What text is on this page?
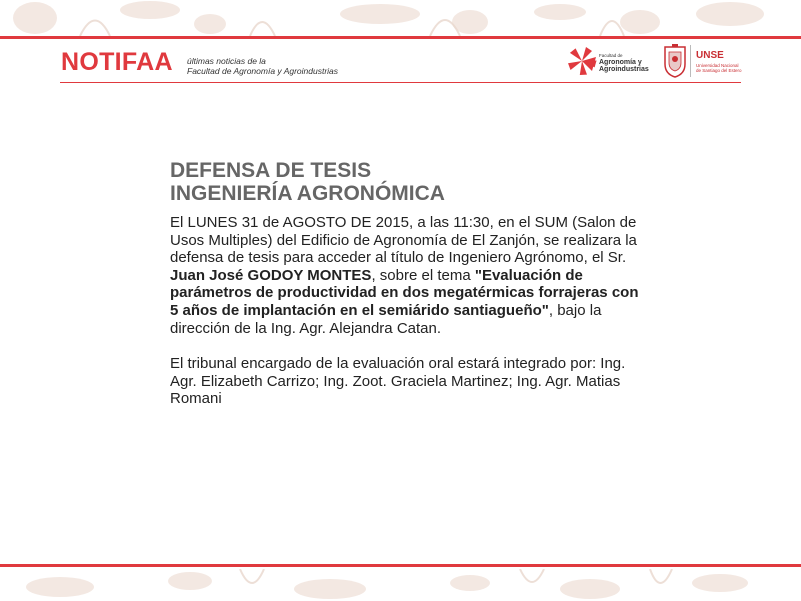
NOTIFAA últimas noticias de la
Facultad de Agronomía y Agroindustrias
Facultad de
Agronomía y
Agroindustrias
UNSE
Universidad Nacional
de Santiago del Estero
DEFENSA DE TESIS
INGENIERÍA AGRONÓMICA

El LUNES 31 de AGOSTO DE 2015, a las 11:30, en el SUM (Salon de Usos Multiples) del Edificio de Agronomía de El Zanjón, se realizara la defensa de tesis para acceder al título de Ingeniero Agrónomo, el Sr. Juan José GODOY MONTES, sobre el tema "Evaluación de parámetros de productividad en dos megatérmicas forrajeras con 5 años de implantación en el semiárido santiagueño", bajo la dirección de la Ing. Agr. Alejandra Catan.

El tribunal encargado de la evaluación oral estará integrado por: Ing. Agr. Elizabeth Carrizo; Ing. Zoot. Graciela Martinez; Ing. Agr. Matias Romani
